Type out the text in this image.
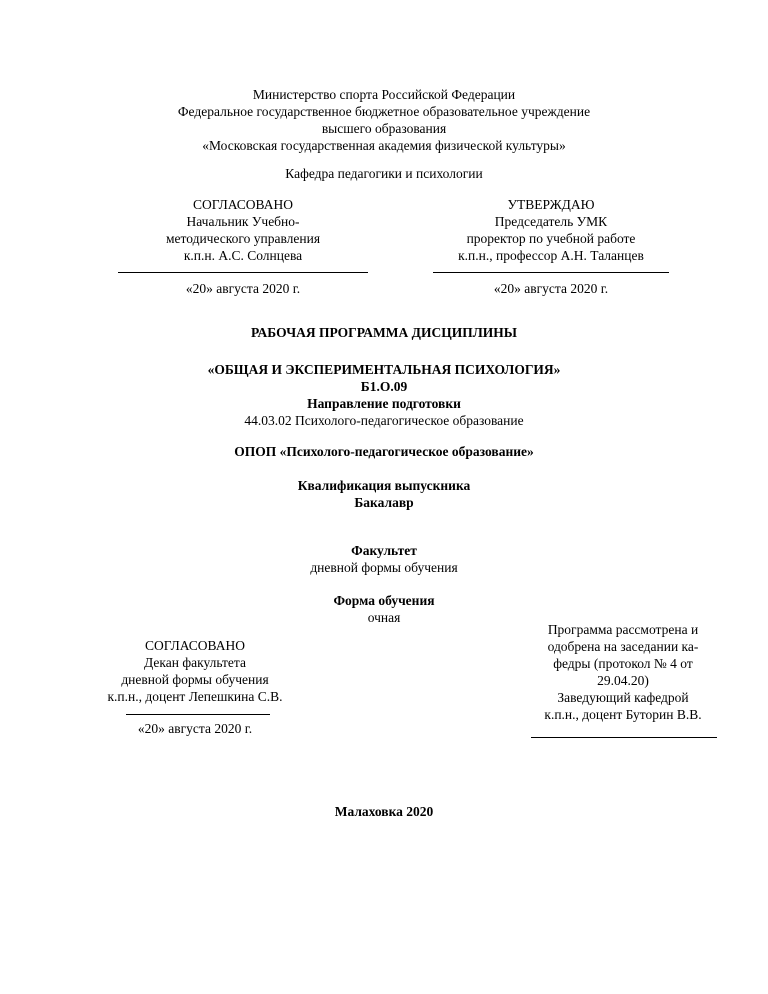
Министерство спорта Российской Федерации
Федеральное государственное бюджетное образовательное учреждение
высшего образования
«Московская государственная академия физической культуры»
Кафедра педагогики и психологии
СОГЛАСОВАНО
Начальник Учебно-
методического управления
к.п.н. А.С. Солнцева
«20» августа 2020 г.
УТВЕРЖДАЮ
Председатель УМК
проректор по учебной работе
к.п.н., профессор А.Н. Таланцев
«20» августа 2020 г.
РАБОЧАЯ ПРОГРАММА ДИСЦИПЛИНЫ
«ОБЩАЯ И ЭКСПЕРИМЕНТАЛЬНАЯ ПСИХОЛОГИЯ»
Б1.О.09
Направление подготовки
44.03.02 Психолого-педагогическое образование
ОПОП «Психолого-педагогическое образование»
Квалификация выпускника
Бакалавр
Факультет
дневной формы обучения
Форма обучения
очная
СОГЛАСОВАНО
Декан факультета
дневной формы обучения
к.п.н., доцент Лепешкина С.В.
«20» августа 2020 г.
Программа рассмотрена и
одобрена на заседании ка-
федры (протокол № 4 от
29.04.20)
Заведующий кафедрой
к.п.н., доцент Буторин В.В.
Малаховка 2020
